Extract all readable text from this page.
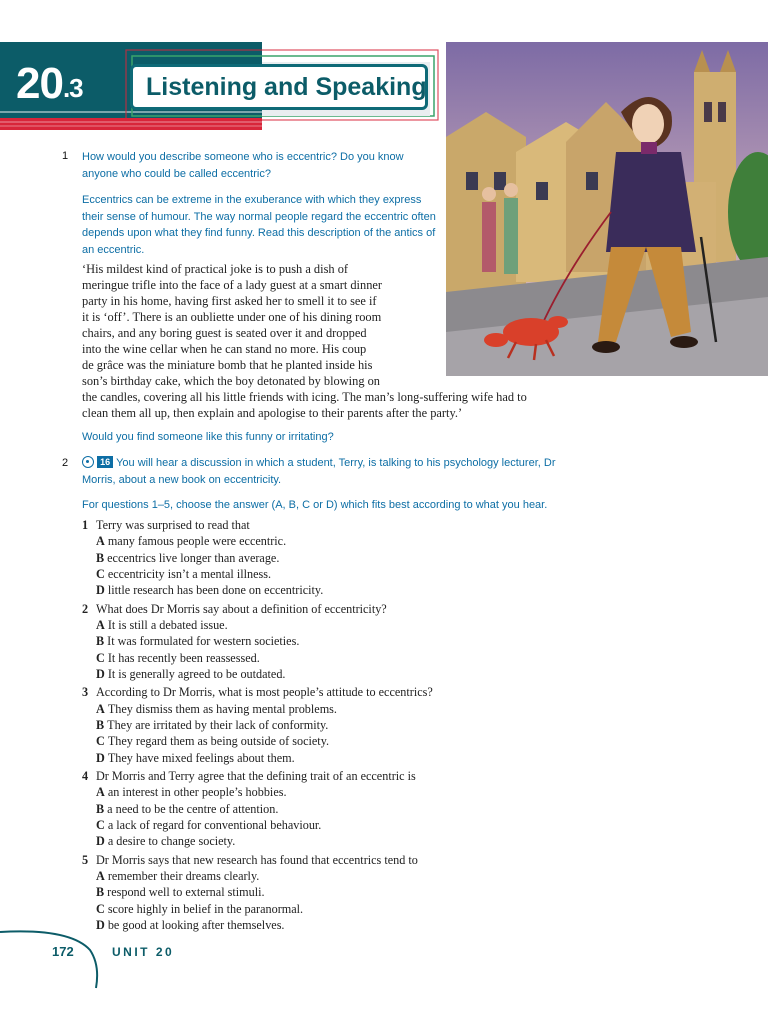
$20^{.3}$	Listening and Speaking
1 How would you describe someone who is eccentric? Do you know anyone who could be called eccentric?

Eccentrics can be extreme in the exuberance with which they express their sense of humour. The way normal people regard the eccentric often depends upon what they find funny. Read this description of the antics of an eccentric.

‘His mildest kind of practical joke is to push a dish of

meringue trifle into the face of a lady guest at a smart dinner

party in his home, having first asked her to smell it to see if

it is ‘off’. There is an oubliette under one of his dining room

chairs, and any boring guest is seated over it and dropped

into the wine cellar when he can stand no more. His coup

de grâce was the miniature bomb that he planted inside his

son’s birthday cake, which the boy detonated by blowing on

the candles, covering all his little friends with icing. The man’s long-suffering wife had to

clean them all up, then explain and apologise to their parents after the party.’

Would you find someone like this funny or irritating?

2	16 You will hear a discussion in which a student, Terry, is talking to his psychology lecturer, Dr Morris, about a new book on eccentricity.

For questions 1–5, choose the answer (A, B, C or D) which fits best according to what you hear.

1 Terry was surprised to read that
A many famous people were eccentric.
B eccentrics live longer than average.
C eccentricity isn’t a mental illness.
D little research has been done on eccentricity.
2 What does Dr Morris say about a definition of eccentricity?
A It is still a debated issue.
B It was formulated for western societies.
C It has recently been reassessed.
D It is generally agreed to be outdated.
3 According to Dr Morris, what is most people’s attitude to eccentrics?
A They dismiss them as having mental problems.
B They are irritated by their lack of conformity.
C They regard them as being outside of society.
D They have mixed feelings about them.
4 Dr Morris and Terry agree that the defining trait of an eccentric is
A an interest in other people’s hobbies.
B a need to be the centre of attention.
C a lack of regard for conventional behaviour.
D a desire to change society.
5 Dr Morris says that new research has found that eccentrics tend to
A remember their dreams clearly.
B respond well to external stimuli.
C score highly in belief in the paranormal.
D be good at looking after themselves.
172	UNIT 20
